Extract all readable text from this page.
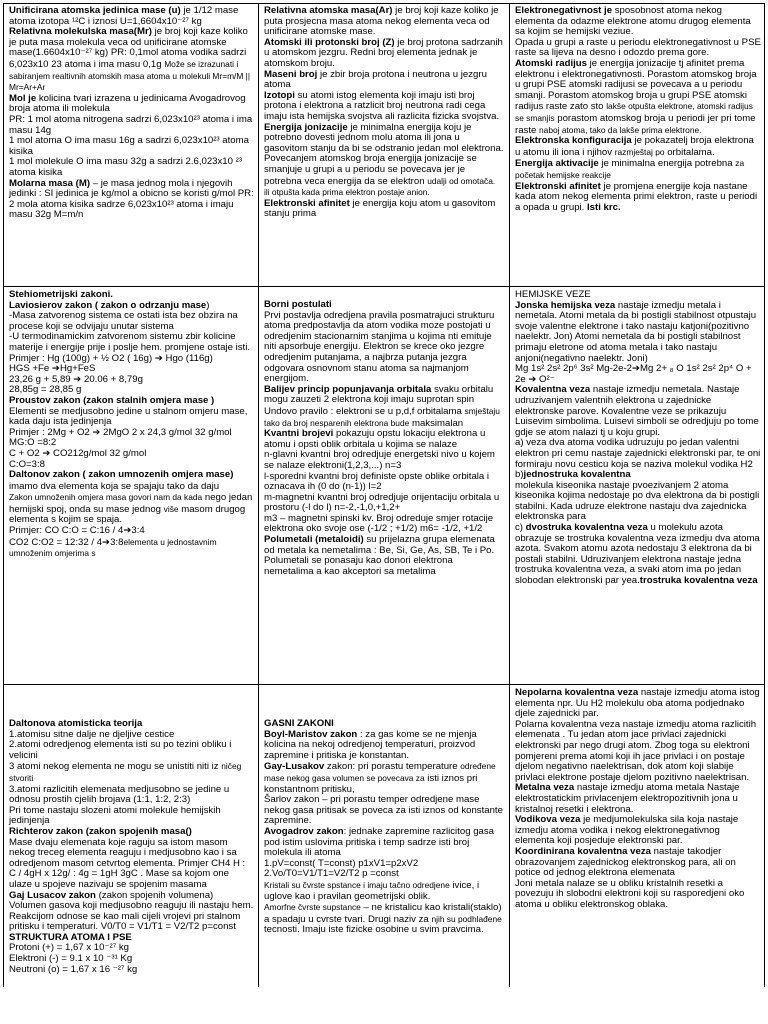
Unificirana atomska jedinica mase (u) je 1/12 mase atoma izotopa ¹²C i iznosi U=1,6604x10⁻²⁷ kg

Relativna molekulska masa(Mr) je broj koji kaze koliko je puta masa molekula veca od unificirane atomske mase(1.6604x10⁻²⁷ kg) PR: 0,1mol atoma vodika sadrzi 6,023x10 23 atoma i ima masu 0,1g Može se izrazunati i sabiranjem realtivnih atomskih masa atoma u molekuli Mr=m/M || Mr=Ar+Ar

Mol je kolicina tvari izrazena u jedinicama Avogadrovog broja atoma ili molekula
PR: 1 mol atoma nitrogena sadrzi 6,023x10²³ atoma i ima masu 14g
1 mol atoma O ima masu 16g a sadrzi 6,023x10²³ atoma kisika
1 mol molekule O ima masu 32g a sadrzi 2.6,023x10 ²³ atoma kisika

Molarna masa (M) – je masa jednog mola i njegovih jedinki : SI jedinica je kg/mol a obicno se koristi g/mol PR: 2 mola atoma kisika sadrze 6,023x10²³ atoma i imaju masu 32g M=m/n

Relativna atomska masa(Ar) je broj koji kaze koliko je puta prosjecna masa atoma nekog elementa veca od unificirane atomske mase.

Atomski ili protonski broj (Z) je broj protona sadrzanih u atomskom jezgru. Redni broj elementa jednak je atomskom broju.

Maseni broj je zbir broja protona i neutrona u jezgru atoma

Izotopi su atomi istog elementa koji imaju isti broj protona i elektrona a ratzlicit broj neutrona radi cega imaju ista hemijska svojstva ali razlicita fizicka svojstva.

Energija jonizacije je minimalna energija koju je potrebno dovesti jednom molu atoma ili jona u gasovitom stanju da bi se odstranio jedan mol elektrona. Povecanjem atomskog broja energija jonizacije se smanjuje u grupi a u periodu se povecava jer je potrebna veca energija da se elektron udalji od omotača.
ili otpušta kada prima elektron postaje anion.

Elektronski afinitet je energija koju atom u gasovitom stanju prima

Elektronegativnost je sposobnost atoma nekog elementa da odazme elektrone atomu drugog elementa sa kojim se hemijski veziue.
Opada u grupi a raste u periodu elektronegativnost u PSE raste sa lijeva na desno i odozdo prema gore.

Atomski radijus je energija jonizacije tj afinitet prema elektronu i elektronegativnosti. Porastom atomskog broja u grupi PSE atomski radijusi se povecava a u periodu smanji. Porastom atomskog broja u grupi PSE atomski radijus raste zato sto lakše otpušta elektrone, atomski radijus se smanjis porastom atomskog broja u periodi jer pri tome raste naboj atoma, tako da lakše prima elektrone.

Elektronska konfiguracija je pokazatelj broja elektrona u atomu ili iona i njihov razmještaj po orbitalama.

Energija aktivacije je minimalna energija potrebna za početak hemijske reakcije

Elektronski afinitet je promjena energije koja nastane kada atom nekog elementa primi elektron, raste u periodi a opada u grupi. Isti krc.

Stehiometrijski zakoni.

Laviosierov zakon ( zakon o odrzanju mase)
-Masa zatvorenog sistema ce ostati ista bez obzira na procese koji se odvijaju unutar sistema
-U termodinamickim zatvorenom sistemu zbir kolicine materije i energije prije i poslje hem. promjene ostaje isti.
Primjer : Hg (100g) + ½ O2 ( 16g) ➔ Hgo (116g)
HGS +Fe ➔Hg+FeS
23,26 g + 5,89 ➔ 20.06 + 8,79g
28,85g = 28,85 g

Proustov zakon (zakon stalnih omjera mase )
Elementi se medjusobno jedine u stalnom omjeru mase, kada daju ista jedinjenja
Primjer : 2Mg + O2 ➔ 2MgO 2 x 24,3 g/mol 32 g/mol
MG:O =8:2
C + O2 ➔ CO212g/mol 32 g/mol
C:O=3:8

Daltonov zakon ( zakon umnozenih omjera mase) imamo dva elementa koja se spajaju tako da daju
Zakon umnoženih omjera masa govori nam da kada nego jedan hemijski spoj, onda su mase jednog više masom drugog elementa s kojim se spaja.
Primjer: CO C:O = C:16 / 4➔3:4
CO2 C:O2 = 12:32 / 4➔3:8elementa u jednostavnim umnoženim omjerima s

Borni postulati
Prvi postavlja odredjena pravila posmatrajuci strukturu atoma predpostavlja da atom vodika moze postojati u odredjenim stacionarnim stanjima u kojima nti emituje niti apsorbuje energiju. Elektron se krece oko jezgre odredjenim putanjama, a najbrza putanja jezgra odgovara osnovnom stanu atoma sa najmanjom energijom.

Balijev princip popunjavanja orbitala svaku orbitalu mogu zauzeti 2 elektrona koji imaju suprotan spin
Undovo pravilo : elektroni se u p,d,f orbitalama smještaju tako da broj nesparenih elektrona bude maksimalan

Kvantni brojevi pokazuju opstu lokaciju elektrona u atomu i opsti oblik orbitala u kojima se nalaze
n-glavni kvantni broj odredjuje energetski nivo u kojem se nalaze elektroni(1,2,3,...) n=3
l-sporedni kvantni broj definiste opste oblike orbitala i oznacava ih (0 do (n-1)) l=2
m-magnetni kvantni broj odredjuje orijentaciju orbitala u prostoru (-l do l) n=-2,-1,0,+1,2+
m3 – magnetni spinski kv. Broj odreduje smjer rotacije elektrona oko svoje ose (-1/2 ; +1/2) m6= -1/2, +1/2

Polumetali (metaloidi) su prijelazna grupa elemenata od metala ka nemetalima : Be, Si, Ge, As, SB, Te i Po. Polumetali se ponasaju kao donori elektrona nemetalima a kao akceptori sa metalima

HEMIJSKE VEZE

Jonska hemijska veza nastaje izmedju metala i nemetala. Atomi metala da bi postigli stabilnost otpustaju svoje valentne elektrone i tako nastaju katjoni(pozitivno naelektr. Jon) Atomi nemetala da bi postigli stabilnost primaju eletrone od atoma metala i tako nastaju anjoni(negativno naelektr. Joni)
Mg 1s² 2s² 2p⁶ 3s² Mg-2e-2➔Mg 2+ ₈ O 1s² 2s² 2p⁴ O + 2e ➔ O²⁻

Kovalentna veza nastaje izmedju nemetala. Nastaje udruzivanjem valentnih elektrona u zajednicke elektronske parove. Kovalentne veze se prikazuju Luisevim simbolima. Luisevi simboli se odredjuju po tome gdje se atom nalazi tj u koju grupi.
a) veza dva atoma vodika udruzuju po jedan valentni elektron pri cemu nastaje zajednicki elektronski par, te oni formiraju novu cesticu koja se naziva molekul vodika H2
b)jednostruka kovalentna
molekula kiseonika nastaje pvoezivanjem 2 atoma kiseonika kojima nedostaje po dva elektrona da bi postigli stabilni. Kada udruze elektrone nastaju dva zajednicka elektronska para
c) dvostruka kovalentna veza u molekulu azota obrazuje se trostruka kovalentna veza izmedju dva atoma azota. Svakom atomu azota nedostaju 3 elektrona da bi postali stabilni. Udruzivanjem elektrona nastaje jedna trostruka kovalentna veza, a svaki atom ima po jedan slobodan elektronski par yea.trostruka kovalentna veza

Daltonova atomisticka teorija
1.atomisu sitne dalje ne djeljive cestice
2.atomi odredjenog elementa isti su po tezini obliku i velicini
3 atomi nekog elementa ne mogu se unistiti niti iz ničeg stvoriti
3.atomi razlicitih elemenata medjusobno se jedine u odnosu prostih cjelih brojava (1:1, 1:2, 2:3)
Pri tome nastaju slozeni atomi molekule hemijskih jedinjenja

Richterov zakon (zakon spojenih masa()
Mase dvaju elemenata koje raguju sa istom masom nekog treceg elementa reaguju i medjusobno kao i sa odredjenom masom cetvrtog elementa. Primjer CH4 H : C / 4gH x 12g/ : 4g = 1gH 3gC . Mase sa kojom one ulaze u spojeve nazivaju se spojenim masama

Gaj Lusacov zakon (zakon spojenih volumena)
Volumen gasova koji medjusobno reaguju ili nastaju hem. Reakcijom odnose se kao mali cijeli vrojevi pri stalnom pritisku i temperaturi. V0/T0 = V1/T1 = V2/T2 p=const

STRUKTURA ATOMA I PSE
Protoni (+) = 1,67 x 10⁻²⁷ kg
Elektroni (-) = 9.1 x 10 ⁻³¹ Kg
Neutroni (o) = 1,67 x 16 ⁻²⁷ kg

GASNI ZAKONI

Boyl-Maristov zakon : za gas kome se ne mjenja kolicina na nekoj odredjenoj temperaturi, proizvod zapremine i pritiska je konstantan.

Gay-Lusakov zakon: pri porastu temperature određene mase nekog gasa volumen se povecava za isti iznos pri konstantnom pritisku,
Šarlov zakon – pri porastu temper odredjene mase nekog gasa pritisak se poveca za isti iznos od konstante zapremine.

Avogadrov zakon: jednake zapremine razlicitog gasa pod istim uslovima pritiska i temp sadrze isti broj molekula ili atoma
1.pV=const( T=const) p1xV1=p2xV2
2.Vo/T0=V1/T1=V2/T2 p =const
Kristali su čvrste spstance i imaju tačno odredjene ivice, i uglove kao i pravilan geometrijski oblik.
Amorfne čvrste supstance – ne kristalicu kao kristali(staklo) a spadaju u cvrste tvari. Drugi naziv za njih su podhlađene tecnosti. Imaju iste fizicke osobine u svim pravcima.

Nepolarna kovalentna veza nastaje izmedju atoma istog elementa npr. Uu H2 molekulu oba atoma podjednako djele zajednicki par.
Polarna kovalentna veza nastaje izmedju atoma razlicitih elemenata . Tu jedan atom jace privlaci zajednicki elektronski par nego drugi atom. Zbog toga su elektroni pomjereni prema atomi koji ih jace privlaci i on postaje djelom negativno naelektrisan, dok atom koji slabije privlaci elektrone postaje djelom pozitivno naelektrisan.

Metalna veza nastaje izmedju atoma metala Nastaje elektrostatickim privlacenjem elektropozitivnih jona u kristalnoj resetki i elektrona.

Vodikova veza je medjumolekulska sila koja nastaje izmedju atoma vodika i nekog elektronegativnog elementa koji posjeduje elektronski par.

Koordinirana kovalentna veza nastaje takodjer obrazovanjem zajednickog elektronskog para, ali on potice od jednog elektrona elemenata
Joni metala nalaze se u obliku kristalnih resetki a povezuju ih slobodni elektroni koji su rasporedjeni oko atoma u obliku elektronskog oblaka.
